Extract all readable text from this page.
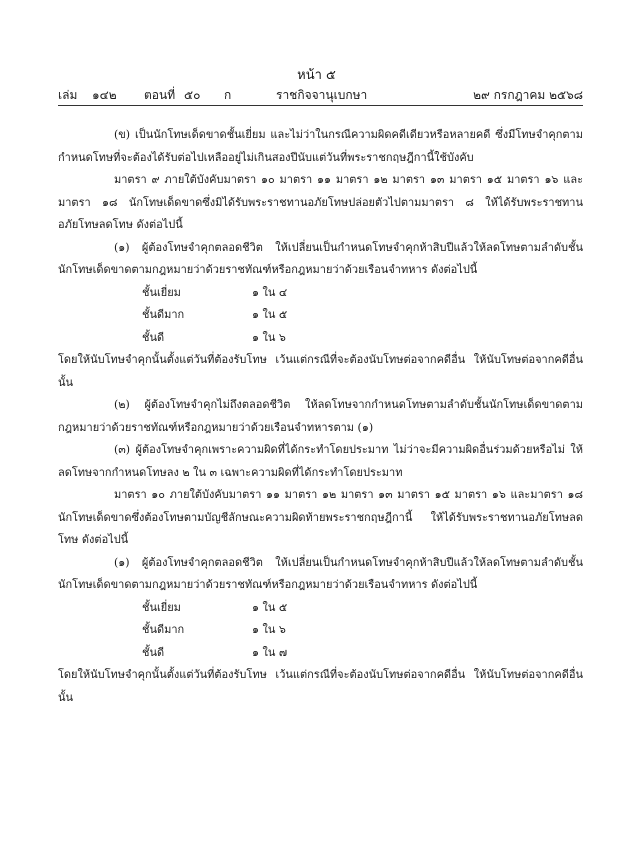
หน้า ๕
เล่ม ๑๔๒ ตอนที่ ๕๐ ก	ราชกิจจานุเบกษา	๒๙ กรกฎาคม ๒๕๖๘

(ข) เป็นนักโทษเด็ดขาดชั้นเยี่ยม และไม่ว่าในกรณีความผิดคดีเดียวหรือหลายคดี ซึ่งมีโทษจำคุกตามกำหนดโทษที่จะต้องได้รับต่อไปเหลืออยู่ไม่เกินสองปีนับแต่วันที่พระราชกฤษฎีกานี้ใช้บังคับ

มาตรา ๙ ภายใต้บังคับมาตรา ๑๐ มาตรา ๑๑ มาตรา ๑๒ มาตรา ๑๓ มาตรา ๑๕ มาตรา ๑๖ และมาตรา ๑๘ นักโทษเด็ดขาดซึ่งมิได้รับพระราชทานอภัยโทษปล่อยตัวไปตามมาตรา ๘ ให้ได้รับพระราชทานอภัยโทษลดโทษ ดังต่อไปนี้

(๑) ผู้ต้องโทษจำคุกตลอดชีวิต ให้เปลี่ยนเป็นกำหนดโทษจำคุกห้าสิบปีแล้วให้ลดโทษตามลำดับชั้นนักโทษเด็ดขาดตามกฎหมายว่าด้วยราชทัณฑ์หรือกฎหมายว่าด้วยเรือนจำทหาร ดังต่อไปนี้

ชั้นเยี่ยม	๑ ใน ๔
ชั้นดีมาก	๑ ใน ๕
ชั้นดี	๑ ใน ๖

โดยให้นับโทษจำคุกนั้นตั้งแต่วันที่ต้องรับโทษ เว้นแต่กรณีที่จะต้องนับโทษต่อจากคดีอื่น ให้นับโทษต่อจากคดีอื่นนั้น

(๒) ผู้ต้องโทษจำคุกไม่ถึงตลอดชีวิต ให้ลดโทษจากกำหนดโทษตามลำดับชั้นนักโทษเด็ดขาดตามกฎหมายว่าด้วยราชทัณฑ์หรือกฎหมายว่าด้วยเรือนจำทหารตาม (๑)

(๓) ผู้ต้องโทษจำคุกเพราะความผิดที่ได้กระทำโดยประมาท ไม่ว่าจะมีความผิดอื่นร่วมด้วยหรือไม่ ให้ลดโทษจากกำหนดโทษลง ๒ ใน ๓ เฉพาะความผิดที่ได้กระทำโดยประมาท

มาตรา ๑๐ ภายใต้บังคับมาตรา ๑๑ มาตรา ๑๒ มาตรา ๑๓ มาตรา ๑๕ มาตรา ๑๖ และมาตรา ๑๘ นักโทษเด็ดขาดซึ่งต้องโทษตามบัญชีลักษณะความผิดท้ายพระราชกฤษฎีกานี้ ให้ได้รับพระราชทานอภัยโทษลดโทษ ดังต่อไปนี้

(๑) ผู้ต้องโทษจำคุกตลอดชีวิต ให้เปลี่ยนเป็นกำหนดโทษจำคุกห้าสิบปีแล้วให้ลดโทษตามลำดับชั้นนักโทษเด็ดขาดตามกฎหมายว่าด้วยราชทัณฑ์หรือกฎหมายว่าด้วยเรือนจำทหาร ดังต่อไปนี้

ชั้นเยี่ยม	๑ ใน ๕
ชั้นดีมาก	๑ ใน ๖
ชั้นดี	๑ ใน ๗

โดยให้นับโทษจำคุกนั้นตั้งแต่วันที่ต้องรับโทษ เว้นแต่กรณีที่จะต้องนับโทษต่อจากคดีอื่น ให้นับโทษต่อจากคดีอื่นนั้น
